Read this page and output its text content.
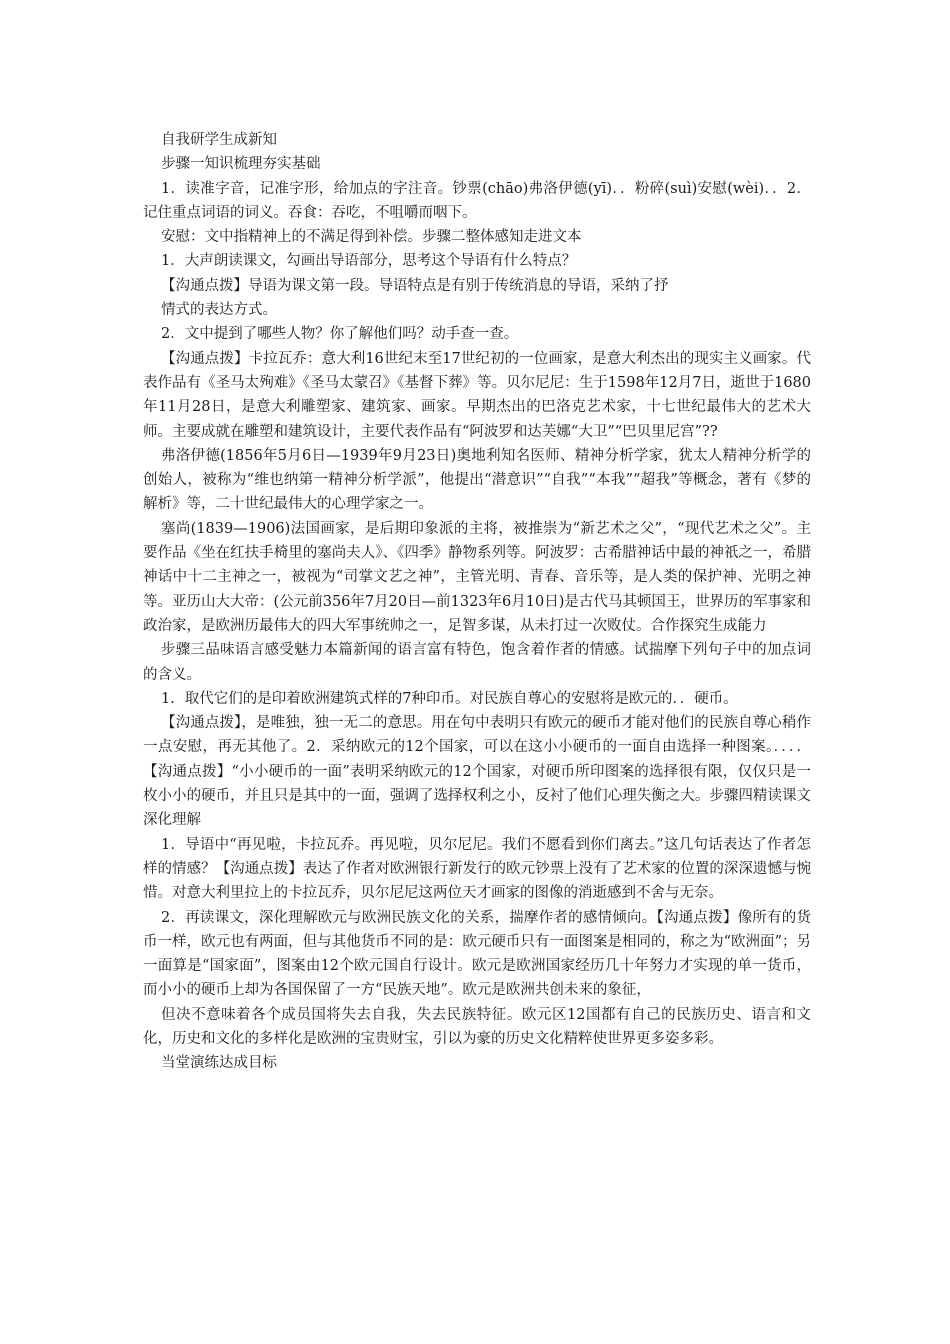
自我研学生成新知

步骤一知识梳理夯实基础

1．读准字音，记准字形，给加点的字注音。钞票(chāo)弗洛伊德(yī)．．粉碎(suì)安慰(wèi)．．2．记住重点词语的词义。吞食：吞吃，不咀嚼而咽下。

安慰：文中指精神上的不满足得到补偿。步骤二整体感知走进文本

1．大声朗读课文，勾画出导语部分，思考这个导语有什么特点？

【沟通点拨】导语为课文第一段。导语特点是有别于传统消息的导语，采纳了抒

情式的表达方式。

2．文中提到了哪些人物？你了解他们吗？动手查一查。

【沟通点拨】卡拉瓦乔：意大利16世纪末至17世纪初的一位画家，是意大利杰出的现实主义画家。代表作品有《圣马太殉难》《圣马太蒙召》《基督下葬》等。贝尔尼尼：生于1598年12月7日，逝世于1680年11月28日，是意大利雕塑家、建筑家、画家。早期杰出的巴洛克艺术家，十七世纪最伟大的艺术大师。主要成就在雕塑和建筑设计，主要代表作品有“阿波罗和达芙娜“大卫”“巴贝里尼宫”??

弗洛伊德(1856年5月6日—1939年9月23日)奥地利知名医师、精神分析学家，犹太人精神分析学的创始人，被称为“维也纳第一精神分析学派”，他提出“潜意识”“自我”“本我”“超我”等概念，著有《梦的解析》等，二十世纪最伟大的心理学家之一。

塞尚(1839—1906)法国画家，是后期印象派的主将，被推崇为“新艺术之父”，“现代艺术之父”。主要作品《坐在红扶手椅里的塞尚夫人》、《四季》静物系列等。阿波罗：古希腊神话中最的神祇之一，希腊神话中十二主神之一，被视为“司掌文艺之神”，主管光明、青春、音乐等，是人类的保护神、光明之神等。亚历山大大帝：(公元前356年7月20日—前1323年6月10日)是古代马其顿国王，世界历的军事家和政治家，是欧洲历最伟大的四大军事统帅之一，足智多谋，从未打过一次败仗。合作探究生成能力

步骤三品味语言感受魅力本篇新闻的语言富有特色，饱含着作者的情感。试揣摩下列句子中的加点词的含义。

1．取代它们的是印着欧洲建筑式样的7种印币。对民族自尊心的安慰将是欧元的．．硬币。

【沟通点拨】，是唯独，独一无二的意思。用在句中表明只有欧元的硬币才能对他们的民族自尊心稍作一点安慰，再无其他了。2．采纳欧元的12个国家，可以在这小小硬币的一面自由选择一种图案。．．．．【沟通点拨】“小小硬币的一面”表明采纳欧元的12个国家，对硬币所印图案的选择很有限，仅仅只是一枚小小的硬币，并且只是其中的一面，强调了选择权利之小，反衬了他们心理失衡之大。步骤四精读课文深化理解

1．导语中“再见啦，卡拉瓦乔。再见啦，贝尔尼尼。我们不愿看到你们离去。”这几句话表达了作者怎样的情感？【沟通点拨】表达了作者对欧洲银行新发行的欧元钞票上没有了艺术家的位置的深深遗憾与惋惜。对意大利里拉上的卡拉瓦乔，贝尔尼尼这两位天才画家的图像的消逝感到不舍与无奈。

2．再读课文，深化理解欧元与欧洲民族文化的关系，揣摩作者的感情倾向。【沟通点拨】像所有的货币一样，欧元也有两面，但与其他货币不同的是：欧元硬币只有一面图案是相同的，称之为“欧洲面”；另一面算是“国家面”，图案由12个欧元国自行设计。欧元是欧洲国家经历几十年努力才实现的单一货币，而小小的硬币上却为各国保留了一方“民族天地”。欧元是欧洲共创未来的象征，

但决不意味着各个成员国将失去自我，失去民族特征。欧元区12国都有自己的民族历史、语言和文化，历史和文化的多样化是欧洲的宝贵财宝，引以为豪的历史文化精粹使世界更多姿多彩。

当堂演练达成目标
